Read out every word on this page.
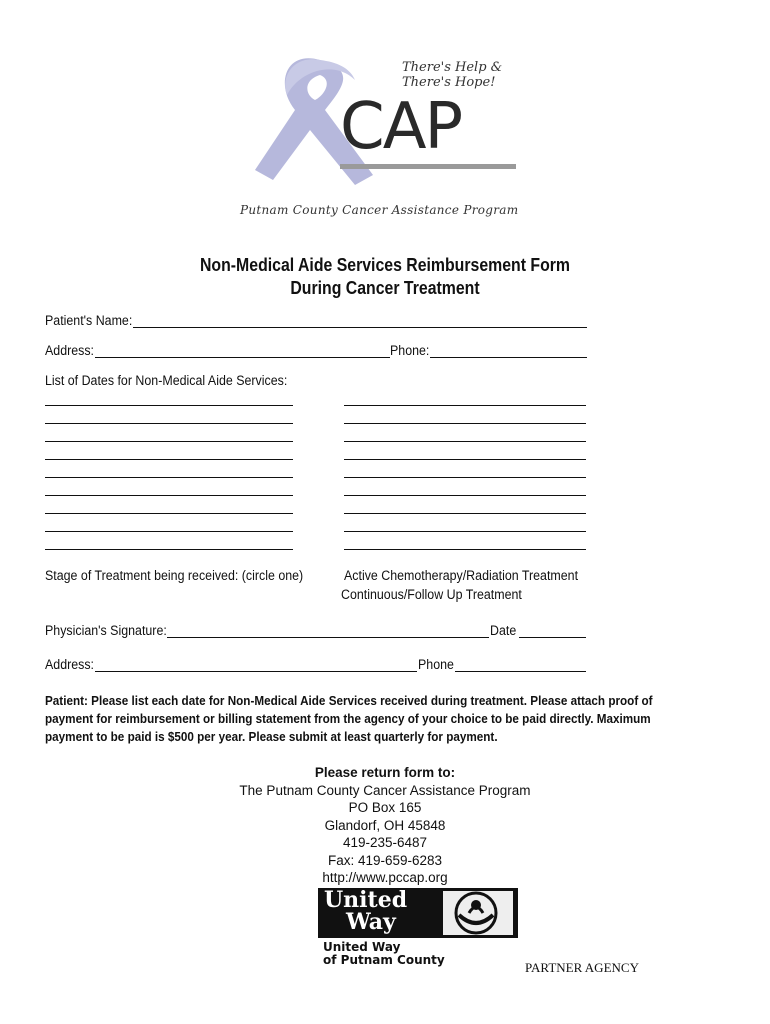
There's Help &
There's Hope!
CAP
Putnam County Cancer Assistance Program
Non-Medical Aide Services Reimbursement Form
During Cancer Treatment
Patient's Name:
Address:	Phone:
List of Dates for Non-Medical Aide Services:
Stage of Treatment being received: (circle one)	Active Chemotherapy/Radiation Treatment
Continuous/Follow Up Treatment
Physician's Signature:	Date
Address:	Phone
Patient: Please list each date for Non-Medical Aide Services received during treatment. Please attach proof of payment for reimbursement or billing statement from the agency of your choice to be paid directly. Maximum payment to be paid is $500 per year. Please submit at least quarterly for payment.
Please return form to:
The Putnam County Cancer Assistance Program
PO Box 165
Glandorf, OH 45848
419-235-6487
Fax: 419-659-6283
http://www.pccap.org
United
Way
United Way
of Putnam County	PARTNER AGENCY
